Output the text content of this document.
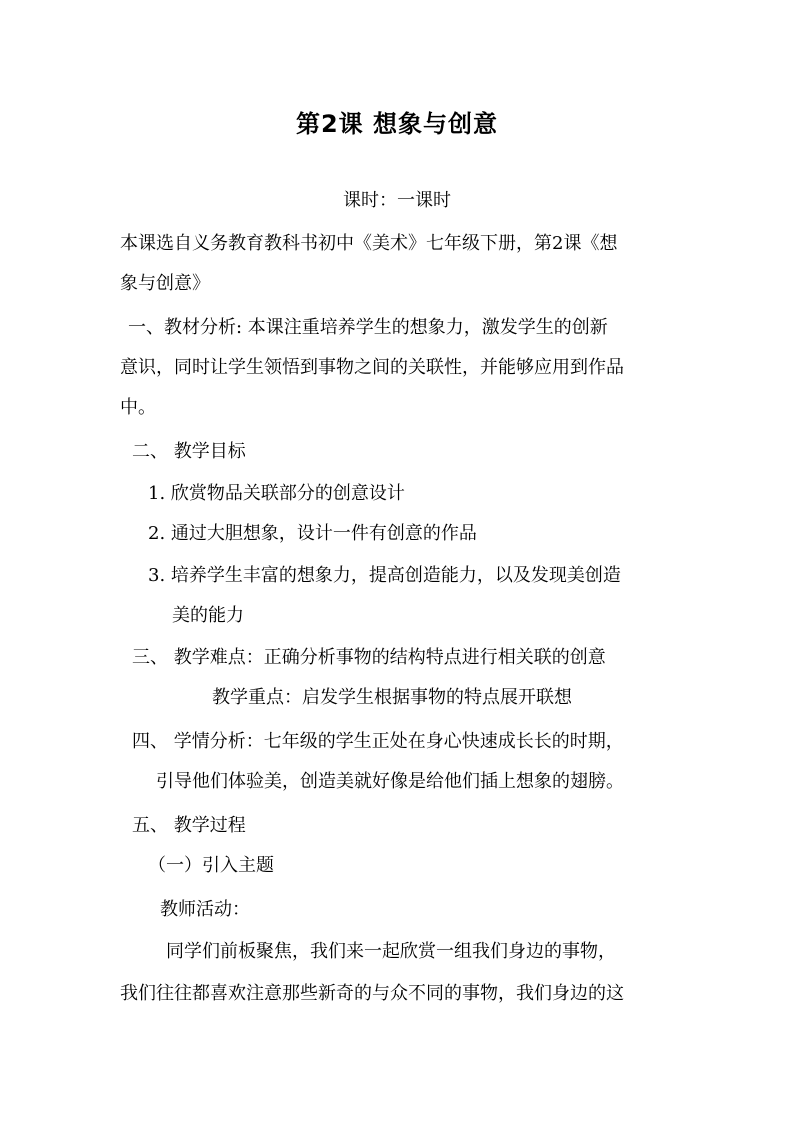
第2课 想象与创意
课时：一课时
本课选自义务教育教科书初中《美术》七年级下册，第2课《想
象与创意》
一、教材分析: 本课注重培养学生的想象力，激发学生的创新
意识，同时让学生领悟到事物之间的关联性，并能够应用到作品
中。
二、 教学目标
1. 欣赏物品关联部分的创意设计
2. 通过大胆想象，设计一件有创意的作品
3. 培养学生丰富的想象力，提高创造能力，以及发现美创造
美的能力
三、 教学难点：正确分析事物的结构特点进行相关联的创意
教学重点：启发学生根据事物的特点展开联想
四、 学情分析：七年级的学生正处在身心快速成长长的时期，
引导他们体验美，创造美就好像是给他们插上想象的翅膀。
五、 教学过程
（一）引入主题
教师活动：
同学们前板聚焦，我们来一起欣赏一组我们身边的事物，
我们往往都喜欢注意那些新奇的与众不同的事物，我们身边的这
